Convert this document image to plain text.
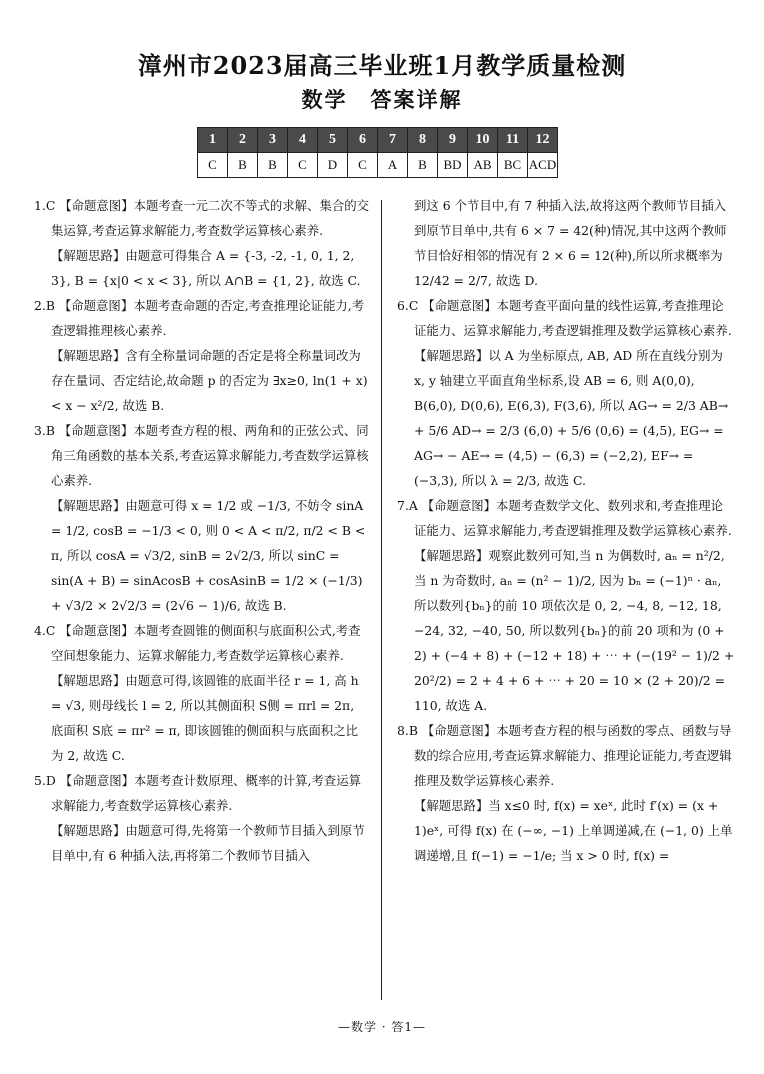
漳州市2023届高三毕业班1月教学质量检测
数学　答案详解
1	2	3	4	5	6	7	8	9	10	11	12
C	B	B	C	D	C	A	B	BD	AB	BC	ACD

1.C 【命题意图】本题考查一元二次不等式的求解、集合的交集运算,考查运算求解能力,考查数学运算核心素养.

【解题思路】由题意可得集合 A = {-3, -2, -1, 0, 1, 2, 3}, B = {x|0 < x < 3}, 所以 A∩B = {1, 2}, 故选 C.

2.B 【命题意图】本题考查命题的否定,考查推理论证能力,考查逻辑推理核心素养.

【解题思路】含有全称量词命题的否定是将全称量词改为存在量词、否定结论,故命题 p 的否定为 ∃x≥0, ln(1 + x) < x − x²/2, 故选 B.

3.B 【命题意图】本题考查方程的根、两角和的正弦公式、同角三角函数的基本关系,考查运算求解能力,考查数学运算核心素养.

【解题思路】由题意可得 x = 1/2 或 −1/3, 不妨令 sinA = 1/2, cosB = −1/3 < 0, 则 0 < A < π/2, π/2 < B < π, 所以 cosA = √3/2, sinB = 2√2/3, 所以 sinC = sin(A + B) = sinAcosB + cosAsinB = 1/2 × (−1/3) + √3/2 × 2√2/3 = (2√6 − 1)/6, 故选 B.

4.C 【命题意图】本题考查圆锥的侧面积与底面积公式,考查空间想象能力、运算求解能力,考查数学运算核心素养.

【解题思路】由题意可得,该圆锥的底面半径 r = 1, 高 h = √3, 则母线长 l = 2, 所以其侧面积 S侧 = πrl = 2π, 底面积 S底 = πr² = π, 即该圆锥的侧面积与底面积之比为 2, 故选 C.

5.D 【命题意图】本题考查计数原理、概率的计算,考查运算求解能力,考查数学运算核心素养.

【解题思路】由题意可得,先将第一个教师节目插入到原节目单中,有 6 种插入法,再将第二个教师节目插入

到这 6 个节目中,有 7 种插入法,故将这两个教师节目插入到原节目单中,共有 6 × 7 = 42(种)情况,其中这两个教师节目恰好相邻的情况有 2 × 6 = 12(种),所以所求概率为 12/42 = 2/7, 故选 D.

6.C 【命题意图】本题考查平面向量的线性运算,考查推理论证能力、运算求解能力,考查逻辑推理及数学运算核心素养.

【解题思路】以 A 为坐标原点, AB, AD 所在直线分别为 x, y 轴建立平面直角坐标系,设 AB = 6, 则 A(0,0), B(6,0), D(0,6), E(6,3), F(3,6), 所以 AG→ = 2/3 AB→ + 5/6 AD→ = 2/3 (6,0) + 5/6 (0,6) = (4,5), EG→ = AG→ − AE→ = (4,5) − (6,3) = (−2,2), EF→ = (−3,3), 所以 λ = 2/3, 故选 C.

7.A 【命题意图】本题考查数学文化、数列求和,考查推理论证能力、运算求解能力,考查逻辑推理及数学运算核心素养.

【解题思路】观察此数列可知,当 n 为偶数时, aₙ = n²/2, 当 n 为奇数时, aₙ = (n² − 1)/2, 因为 bₙ = (−1)ⁿ · aₙ, 所以数列{bₙ}的前 10 项依次是 0, 2, −4, 8, −12, 18, −24, 32, −40, 50, 所以数列{bₙ}的前 20 项和为 (0 + 2) + (−4 + 8) + (−12 + 18) + ⋯ + (−(19² − 1)/2 + 20²/2) = 2 + 4 + 6 + ⋯ + 20 = 10 × (2 + 20)/2 = 110, 故选 A.

8.B 【命题意图】本题考查方程的根与函数的零点、函数与导数的综合应用,考查运算求解能力、推理论证能力,考查逻辑推理及数学运算核心素养.

【解题思路】当 x≤0 时, f(x) = xeˣ, 此时 f′(x) = (x + 1)eˣ, 可得 f(x) 在 (−∞, −1) 上单调递减,在 (−1, 0) 上单调递增,且 f(−1) = −1/e; 当 x > 0 时, f(x) =

—数学 · 答1—
